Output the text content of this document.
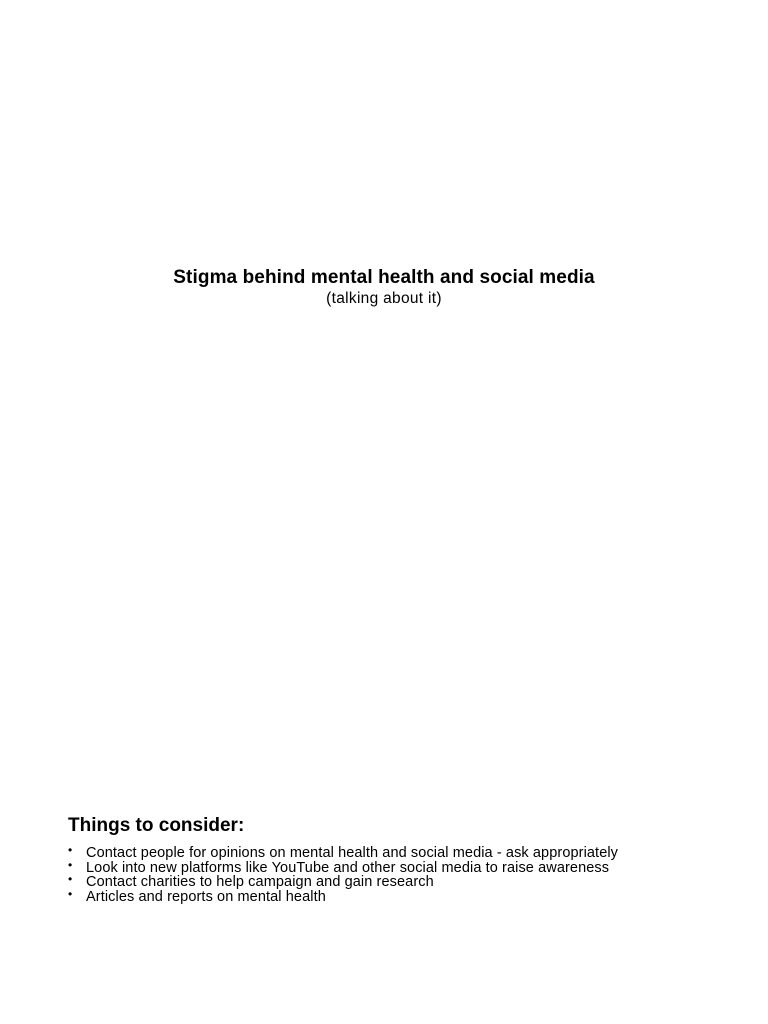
Stigma behind mental health and social media

(talking about it)

Things to consider:

• Contact people for opinions on mental health and social media - ask appropriately
• Look into new platforms like YouTube and other social media to raise awareness
• Contact charities to help campaign and gain research
• Articles and reports on mental health
